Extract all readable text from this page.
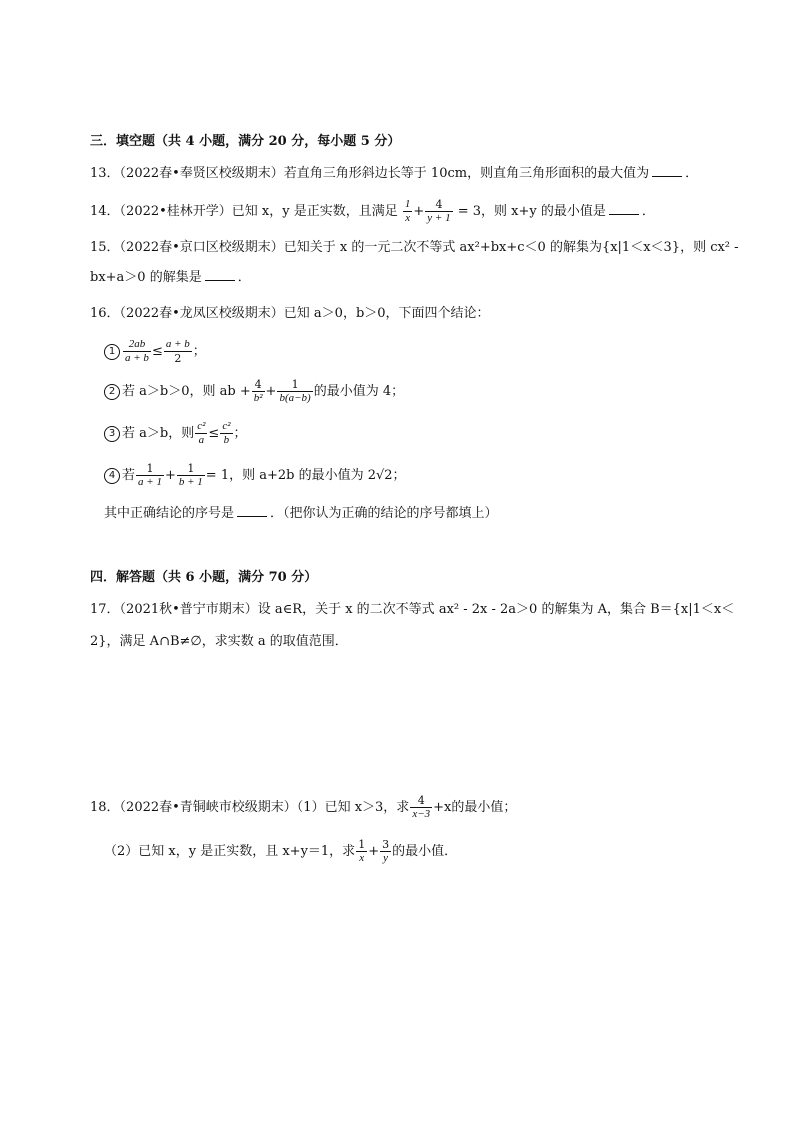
三．填空题（共 4 小题，满分 20 分，每小题 5 分）
13．（2022春•奉贤区校级期末）若直角三角形斜边长等于 10cm，则直角三角形面积的最大值为	．
14．（2022•桂林开学）已知 x，y 是正实数，且满足 $\frac{1}{x} + \frac{4}{y + 1} = 3$，则 x+y 的最小值是	．
15．（2022春•京口区校级期末）已知关于 x 的一元二次不等式 ax²+bx+c＜0 的解集为{x|1＜x＜3}，则 cx² -
bx+a＞0 的解集是	．
16．（2022春•龙凤区校级期末）已知 a＞0，b＞0，下面四个结论：
$1 \frac{2ab}{a + b} \le \frac{a + b}{2}$ ；
2 若 a＞b＞0，则 ab + $\frac{4}{\text{b²}} + \frac{1}{b(a-b)}$ 的最小值为 4；
3 若 a＞b，则 $\frac{\text{c²}}{a} \le \frac{\text{c²}}{b}$ ；
4 若 $\frac{1}{a + 1} + \frac{1}{b + 1} = 1$，则 a+2b 的最小值为 2√2；
其中正确结论的序号是	．（把你认为正确的结论的序号都填上）
四．解答题（共 6 小题，满分 70 分）
17．（2021秋•普宁市期末）设 a∈R，关于 x 的二次不等式 ax² - 2x - 2a＞0 的解集为 A，集合 B＝{x|1＜x＜
2}，满足 A∩B≠∅，求实数 a 的取值范围．
18．（2022春•青铜峡市校级期末）（1）已知 x＞3，求 $\frac{4}{x-3} +x$的最小值；
（2）已知 x，y 是正实数，且 x+y＝1，求 $\frac{1}{x} + \frac{3}{y}$ 的最小值．
